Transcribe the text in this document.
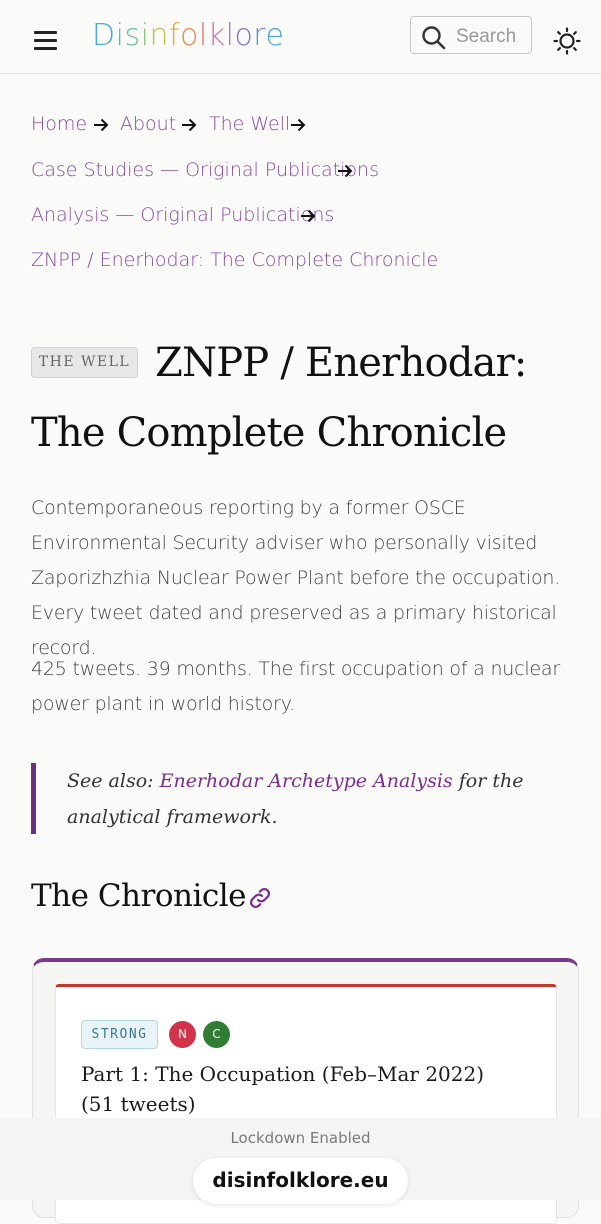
Disinfolklore	Search
Home About The Well
Case Studies — Original Publications
Analysis — Original Publications
ZNPP / Enerhodar: The Complete Chronicle
ZNPP / Enerhodar: The Complete Chronicle
THE WELL

Contemporaneous reporting by a former OSCE Environmental Security adviser who personally visited Zaporizhzhia Nuclear Power Plant before the occupation. Every tweet dated and preserved as a primary historical record.

425 tweets. 39 months. The first occupation of a nuclear power plant in world history.

See also: Enerhodar Archetype Analysis for the analytical framework.
The Chronicle
STRONG	N	C
Part 1: The Occupation (Feb–Mar 2022) (51 tweets)
Lockdown Enabled
disinfolklore.eu
